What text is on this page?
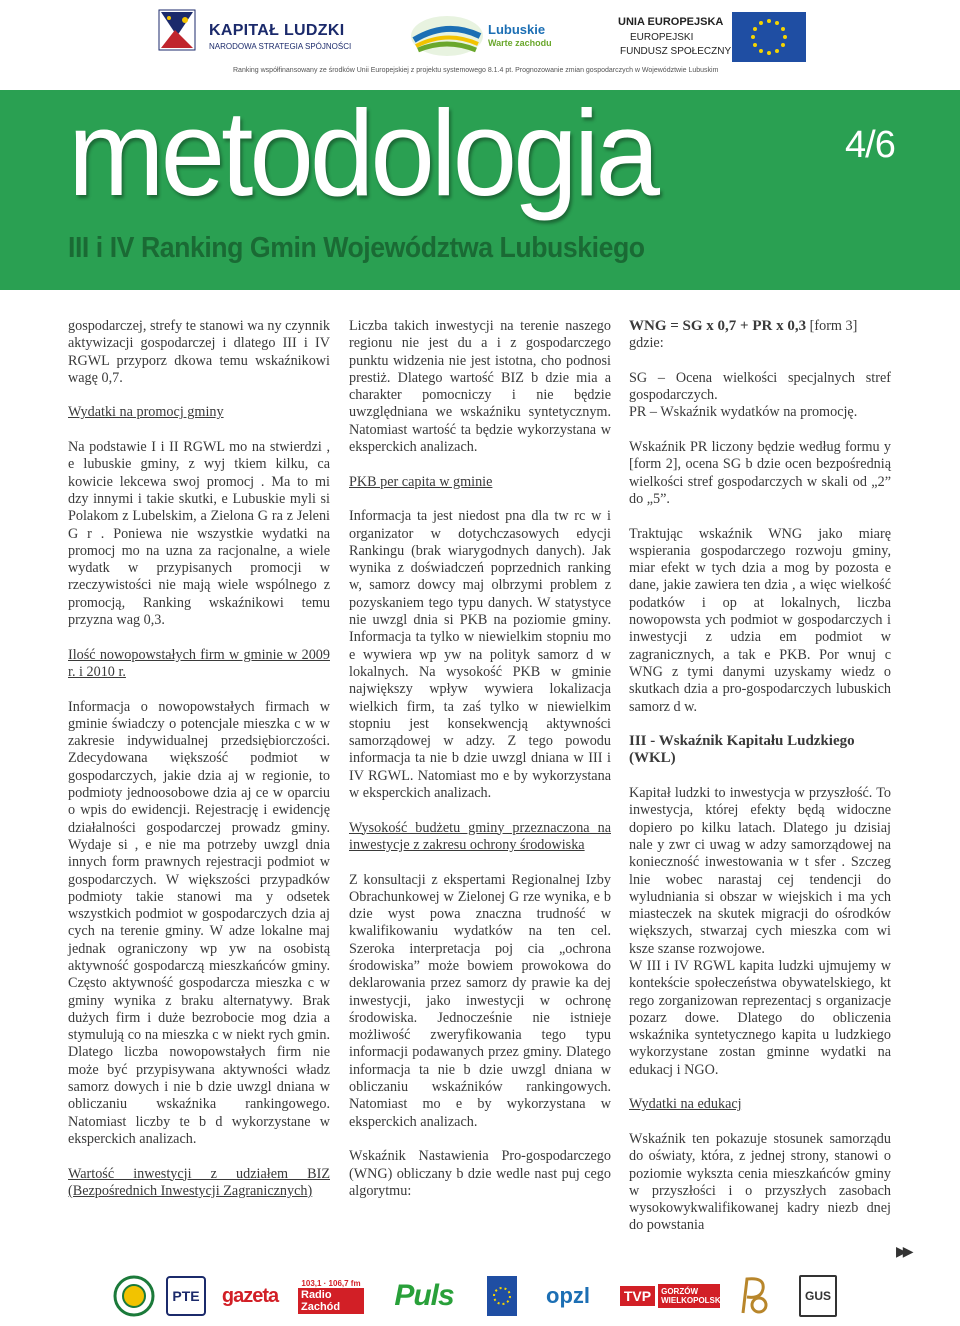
KAPITAŁ LUDZKI
NARODOWA STRATEGIA SPÓJNOŚCI
Lubuskie
Warte zachodu
UNIA EUROPEJSKA
EUROPEJSKI
FUNDUSZ SPOŁECZNY
Ranking współfinansowany ze środków Unii Europejskiej z projektu systemowego 8.1.4 pt. Prognozowanie zmian gospodarczych w Województwie Lubuskim
metodologia	4/6
III i IV Ranking Gmin Województwa Lubuskiego

gospodarczej, strefy te stanowi wa ny czynnik aktywizacji gospodarczej i dlatego III i IV RGWL przyporz dkowa temu wskaźnikowi wagę 0,7.

Wydatki na promocj gminy

Na podstawie I i II RGWL mo na stwierdzi , e lubuskie gminy, z wyj tkiem kilku, ca kowicie lekcewa swoj promocj . Ma to mi dzy innymi i takie skutki, e Lubuskie myli si Polakom z Lubelskim, a Zielona G ra z Jeleni G r . Poniewa nie wszystkie wydatki na promocj mo na uzna za racjonalne, a wiele wydatk w przypisanych promocji w rzeczywistości nie mają wiele wspólnego z promocją, Ranking wskaźnikowi temu przyzna wag 0,3.

Ilość nowopowstałych firm w gminie w 2009 r. i 2010 r.

Informacja o nowopowstałych firmach w gminie świadczy o potencjale mieszka c w w zakresie indywidualnej przedsiębiorczości. Zdecydowana większość podmiot w gospodarczych, jakie dzia aj w regionie, to podmioty jednoosobowe dzia aj ce w oparciu o wpis do ewidencji. Rejestrację i ewidencję działalności gospodarczej prowadz gminy. Wydaje si , e nie ma potrzeby uwzgl dnia innych form prawnych rejestracji podmiot w gospodarczych. W większości przypadków podmioty takie stanowi ma y odsetek wszystkich podmiot w gospodarczych dzia aj cych na terenie gminy. W adze lokalne maj jednak ograniczony wp yw na osobistą aktywność gospodarczą mieszkańców gminy. Często aktywność gospodarcza mieszka c w gminy wynika z braku alternatywy. Brak dużych firm i duże bezrobocie mog dzia a stymulują co na mieszka c w niekt rych gmin. Dlatego liczba nowopowstałych firm nie może być przypisywana aktywności władz samorz dowych i nie b dzie uwzgl dniana w obliczaniu wskaźnika rankingowego. Natomiast liczby te b d wykorzystane w eksperckich analizach.

Wartość inwestycji z udziałem BIZ (Bezpośrednich Inwestycji Zagranicznych)

Liczba takich inwestycji na terenie naszego regionu nie jest du a i z gospodarczego punktu widzenia nie jest istotna, cho podnosi prestiż. Dlatego wartość BIZ b dzie mia a charakter pomocniczy i nie będzie uwzględniana we wskaźniku syntetycznym. Natomiast wartość ta będzie wykorzystana w eksperckich analizach.

PKB per capita w gminie

Informacja ta jest niedost pna dla tw rc w i organizator w dotychczasowych edycji Rankingu (brak wiarygodnych danych). Jak wynika z doświadczeń poprzednich ranking w, samorz dowcy maj olbrzymi problem z pozyskaniem tego typu danych. W statystyce nie uwzgl dnia si PKB na poziomie gminy. Informacja ta tylko w niewielkim stopniu mo e wywiera wp yw na polityk samorz d w lokalnych. Na wysokość PKB w gminie największy wpływ wywiera lokalizacja wielkich firm, ta zaś tylko w niewielkim stopniu jest konsekwencją aktywności samorządowej w adzy. Z tego powodu informacja ta nie b dzie uwzgl dniana w III i IV RGWL. Natomiast mo e by wykorzystana w eksperckich analizach.

Wysokość budżetu gminy przeznaczona na inwestycje z zakresu ochrony środowiska

Z konsultacji z ekspertami Regionalnej Izby Obrachunkowej w Zielonej G rze wynika, e b dzie wyst powa znaczna trudność w kwalifikowaniu wydatków na ten cel. Szeroka interpretacja poj cia „ochrona środowiska” może bowiem prowokowa do deklarowania przez samorz dy prawie ka dej inwestycji, jako inwestycji w ochronę środowiska. Jednocześnie nie istnieje możliwość zweryfikowania tego typu informacji podawanych przez gminy. Dlatego informacja ta nie b dzie uwzgl dniana w obliczaniu wskaźników rankingowych. Natomiast mo e by wykorzystana w eksperckich analizach.

Wskaźnik Nastawienia Pro-gospodarczego (WNG) obliczany b dzie wedle nast puj cego algorytmu:

WNG = SG x 0,7 + PR x 0,3 [form 3]

gdzie:

SG – Ocena wielkości specjalnych stref gospodarczych.

PR – Wskaźnik wydatków na promocję.

Wskaźnik PR liczony będzie według formu y [form 2], ocena SG b dzie ocen bezpośrednią wielkości stref gospodarczych w skali od „2” do „5”.

Traktując wskaźnik WNG jako miarę wspierania gospodarczego rozwoju gminy, miar efekt w tych dzia a mog by pozosta e dane, jakie zawiera ten dzia , a więc wielkość podatków i op at lokalnych, liczba nowopowsta ych podmiot w gospodarczych i inwestycji z udzia em podmiot w zagranicznych, a tak e PKB. Por wnuj c WNG z tymi danymi uzyskamy wiedz o skutkach dzia a pro-gospodarczych lubuskich samorz d w.

III - Wskaźnik Kapitału Ludzkiego (WKL)

Kapitał ludzki to inwestycja w przyszłość. To inwestycja, której efekty będą widoczne dopiero po kilku latach. Dlatego ju dzisiaj nale y zwr ci uwag w adzy samorządowej na konieczność inwestowania w t sfer . Szczeg lnie wobec narastaj cej tendencji do wyludniania si obszar w wiejskich i ma ych miasteczek na skutek migracji do ośrodków większych, stwarzaj cych mieszka com wi ksze szanse rozwojowe.

W III i IV RGWL kapita ludzki ujmujemy w kontekście społeczeństwa obywatelskiego, kt rego zorganizowan reprezentacj s organizacje pozarz dowe. Dlatego do obliczenia wskaźnika syntetycznego kapita u ludzkiego wykorzystane zostan gminne wydatki na edukacj i NGO.

Wydatki na edukacj

Wskaźnik ten pokazuje stosunek samorządu do oświaty, która, z jednej strony, stanowi o poziomie wykszta cenia mieszkańców gminy w przyszłości i o przyszłych zasobach wysokowykwalifikowanej kadry niezb dnej do powstania

▶▶
PTE	gazeta
103,1 · 106,7 fm
Radio Zachód	Puls	opzl TVP	GORZÓW WIELKOPOLSKI	GUS
